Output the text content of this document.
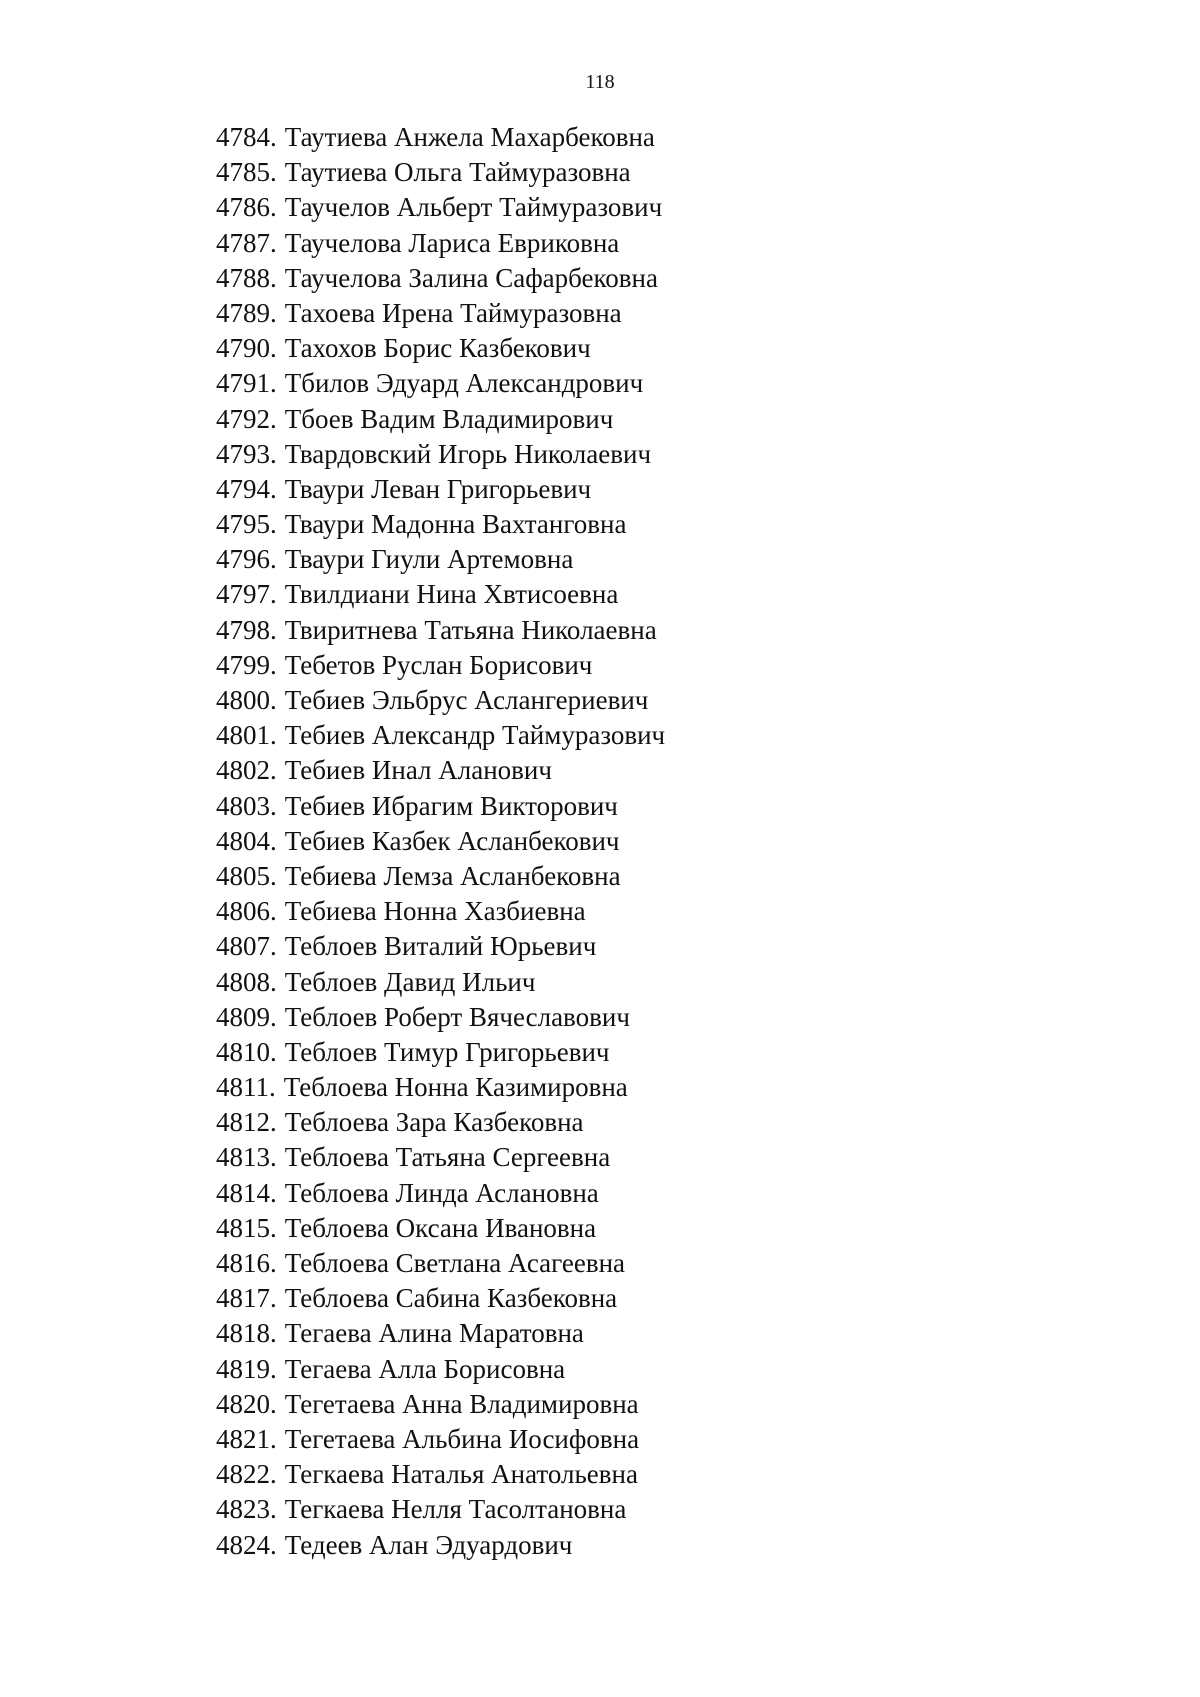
118
4784. Таутиева Анжела Махарбековна
4785. Таутиева Ольга Таймуразовна
4786. Таучелов Альберт Таймуразович
4787. Таучелова Лариса Евриковна
4788. Таучелова Залина Сафарбековна
4789. Тахоева Ирена Таймуразовна
4790. Тахохов Борис Казбекович
4791. Тбилов Эдуард Александрович
4792. Тбоев Вадим Владимирович
4793. Твардовский Игорь Николаевич
4794. Тваури Леван Григорьевич
4795. Тваури Мадонна Вахтанговна
4796. Тваури Гиули Артемовна
4797. Твилдиани Нина Хвтисоевна
4798. Твиритнева Татьяна Николаевна
4799. Тебетов Руслан Борисович
4800. Тебиев Эльбрус Аслангериевич
4801. Тебиев Александр Таймуразович
4802. Тебиев Инал Аланович
4803. Тебиев Ибрагим Викторович
4804. Тебиев Казбек Асланбекович
4805. Тебиева Лемза Асланбековна
4806. Тебиева Нонна Хазбиевна
4807. Теблоев Виталий Юрьевич
4808. Теблоев Давид Ильич
4809. Теблоев Роберт Вячеславович
4810. Теблоев Тимур Григорьевич
4811. Теблоева Нонна Казимировна
4812. Теблоева Зара Казбековна
4813. Теблоева Татьяна Сергеевна
4814. Теблоева Линда Аслановна
4815. Теблоева Оксана Ивановна
4816. Теблоева Светлана Асагеевна
4817. Теблоева Сабина Казбековна
4818. Тегаева Алина Маратовна
4819. Тегаева Алла Борисовна
4820. Тегетаева Анна Владимировна
4821. Тегетаева Альбина Иосифовна
4822. Тегкаева Наталья Анатольевна
4823. Тегкаева Нелля Тасолтановна
4824. Тедеев Алан Эдуардович
